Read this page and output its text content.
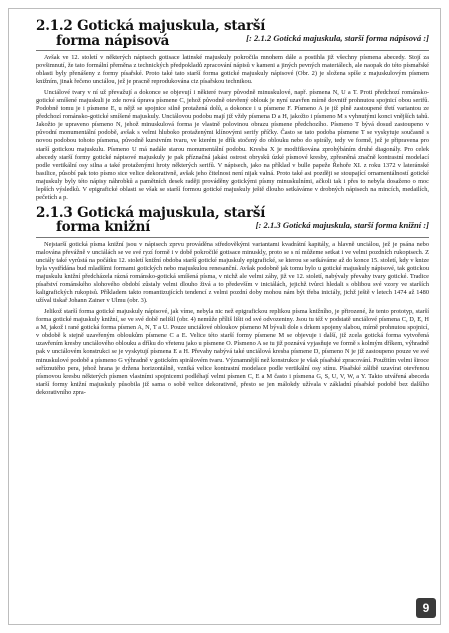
2.1.2 Gotická majuskula, starší
forma nápisová	[: 2.1.2 Gotická majuskula, starší forma nápisová :]

Avšak ve 12. století v některých nápisech gotisace latinské majuskuly pokročila mnohem dále a postihla již všechny písmena abecedy. Stojí za povšimnutí, že tato formální přeměna z technických předpokladů zpracování nápisů v kameni a jiných pevných materiálech, ale naopak do této písmařské oblasti byly přenášeny z formy písařské. Proto také tato starší forma gotické majuskuly nápisové (Obr. 2) je složena spíše z majuskulovým písmem knižním, jinak řečeno unciálou, jež je pracně reprodukována ciz písařskou technikou.

Unciálové tvary v ní už převažují a dokonce se objevují i některé tvary původně minuskulové, např. písmena N, U a T. Proti předchozí románsko-gotické smíšené majuskuli je zde nová úprava písmene C, jehož původně otevřený oblouk je nyní uzavřen mírně dovnitř prohnutou spojnicí obou serifů. Podobně tomu je i písmene E, u nějž se spojnice silně protažená dolů, a dokonce i u písmene F. Písmeno A je již plně zastoupené třetí variantou ze předchozí románsko-gotické smíšené majuskuly. Unciálovou podobu mají již vždy písmena D a H, jakožto i písmeno M s vyhnutými konci vnějších tahů. Jakožto je upraveno písmeno N, jehož minuskulová forma je vlastně polovinou obrazu písmene předchozího. Písmeno T bývá dosud zastoupeno v původní monumentální podobě, avšak s velmi hluboko protaženými klínovými serify příčky. Často se tato podoba písmene T se vyskytuje současně s novou podobou tohoto písmena, původně kursivním tvaru, ve kterém je dřík stočený do oblouku nebo do spirály, tedy ve formě, jež je připravena pro starší gotickou majuskulu. Písmeno U má nadále starou monumentální podobu. Kresba X je modifikována zprohýbáním druhé diagonály. Pro celek abecedy starší formy gotické nápisové majuskuly je pak příznačná jakási ostrost obrysků úzké písmové kresby, zpřesněná značně kontrastní modelací podle vertikální osy silna a také protaženými hroty některých serifů. V nápisech, jako na příklad v bulle papeže Řehoře XI. z roku 1372 v lateránské basilice, působí pak toto písmo sice velice dekorativně, avšak jeho čitelnost není nijak valná. Proto také asi později se stoupající ornamentálností gotické majuskuly byly této nápisy náhrobků a pamětních desek raději prováděny gotickými písmy minuskulními, ačkoli tak i přes to nebyla dosaženo o moc lepších výsledků. V epigrafické oblasti se však se starší formou gotické majuskuly ještě dlouho setkáváme v drobných nápisech na mincích, medailích, pečetích a p.

2.1.3 Gotická majuskula, starší
forma knižní	[: 2.1.3 Gotická majuskula, starší forma knižní :]

Nejstarší gotická písma knižní jsou v nápisech zprvu prováděna středověkými variantami kvadrátní kapitály, a hlavně unciálou, jež je psána nebo malována převážně v unciálách se ve své ryzí formě i v době pokročilé gotisace minuskly, proto se s ní můžeme setkat i ve velmi pozdních rukopisech. Z unciály také vyrůstá na počátku 12. století knižní obdoba starší gotické majuskuly epigrafické, se kterou se setkáváme až do konce 15. století, kdy v knize byla vystřídána bud mladšími formami gotických nebo majuskulou renesanční. Avšak podobně jak tomu bylo u gotické majuskuly nápisové, tak gotickou majuskulu knižní předcházela rázná románsko-gotická smíšená písma, v nichž ale velmi záhy, již ve 12. století, nabývaly převahy tvary gotické. Tradice písařství románského slohového období zůstaly velmi dlouho živá a to především v iniciálách, jejichž tvůrci hledali s oblibou své vzory ve starších kaligrafických rukopisů. Příkladem takto romantizujících tendencí z velmi pozdní doby mohou nám být třeba iniciály, jichž ještě v letech 1474 až 1480 užíval tiskař Johann Zainer v Ulmu (obr. 3).

Jelikož starší forma gotické majuskuly nápisové, jak víme, nebyla nic než epigrafickou replikou písma knižního, je přirozené, že tento prototyp, starší forma gotické majuskuly knižní, se ve své době nelišil (obr. 4) nemůže příliš lišit od své odvozeniny. Jsou tu též v podstatě unciálové písmena C, D, E, H a M, jakož i rané gotická forma písmen A, N, T a U. Pouze unciálové obloukov písmeno M bývali dole s drkem spojeny slabou, mírně prohnutou spojnicí, v obdobě k stejně uzavřeným obloukům písmene C a E. Velice této starší formy písmene M se objevuje i další, již zcela gotická forma vytvořená uzavřením kresby unciálového oblouku a dříku do vřetenu jako u písmene O. Písmeno A se tu již poznává vyjasňuje ve formě s kolmým dříkem, výhradně pak v unciálovém konstrukci se je vyskytují písmena E a H. Převahy nabývá také unciálová kresba písmene D, písmeno N je již zastoupeno pouze ve své minuskulové podobě a písmeno G výhradně v gotickém spirálovém tvaru. Významnější než konstrukce je však písařské zpracování. Použitím velmi široce seříznutého pera, jehož hrana je držena horizontálně, vzniká velice kontrastní modelace podle vertikální osy stínu. Písařské zálibě uzavírat otevřenou písmovou kresbu některých písmen vlastními spojnicemi podléhají velmi písmen C, E a M často i písmena G, S, U, V, W, a Y. Takto utvářená abeceda starší formy knižní majuskuly působila již sama o sobě velice dekorativně, přesto se jen málokdy užívala v základní písařské podobě bez dalšího dekorativního zpra-

9
